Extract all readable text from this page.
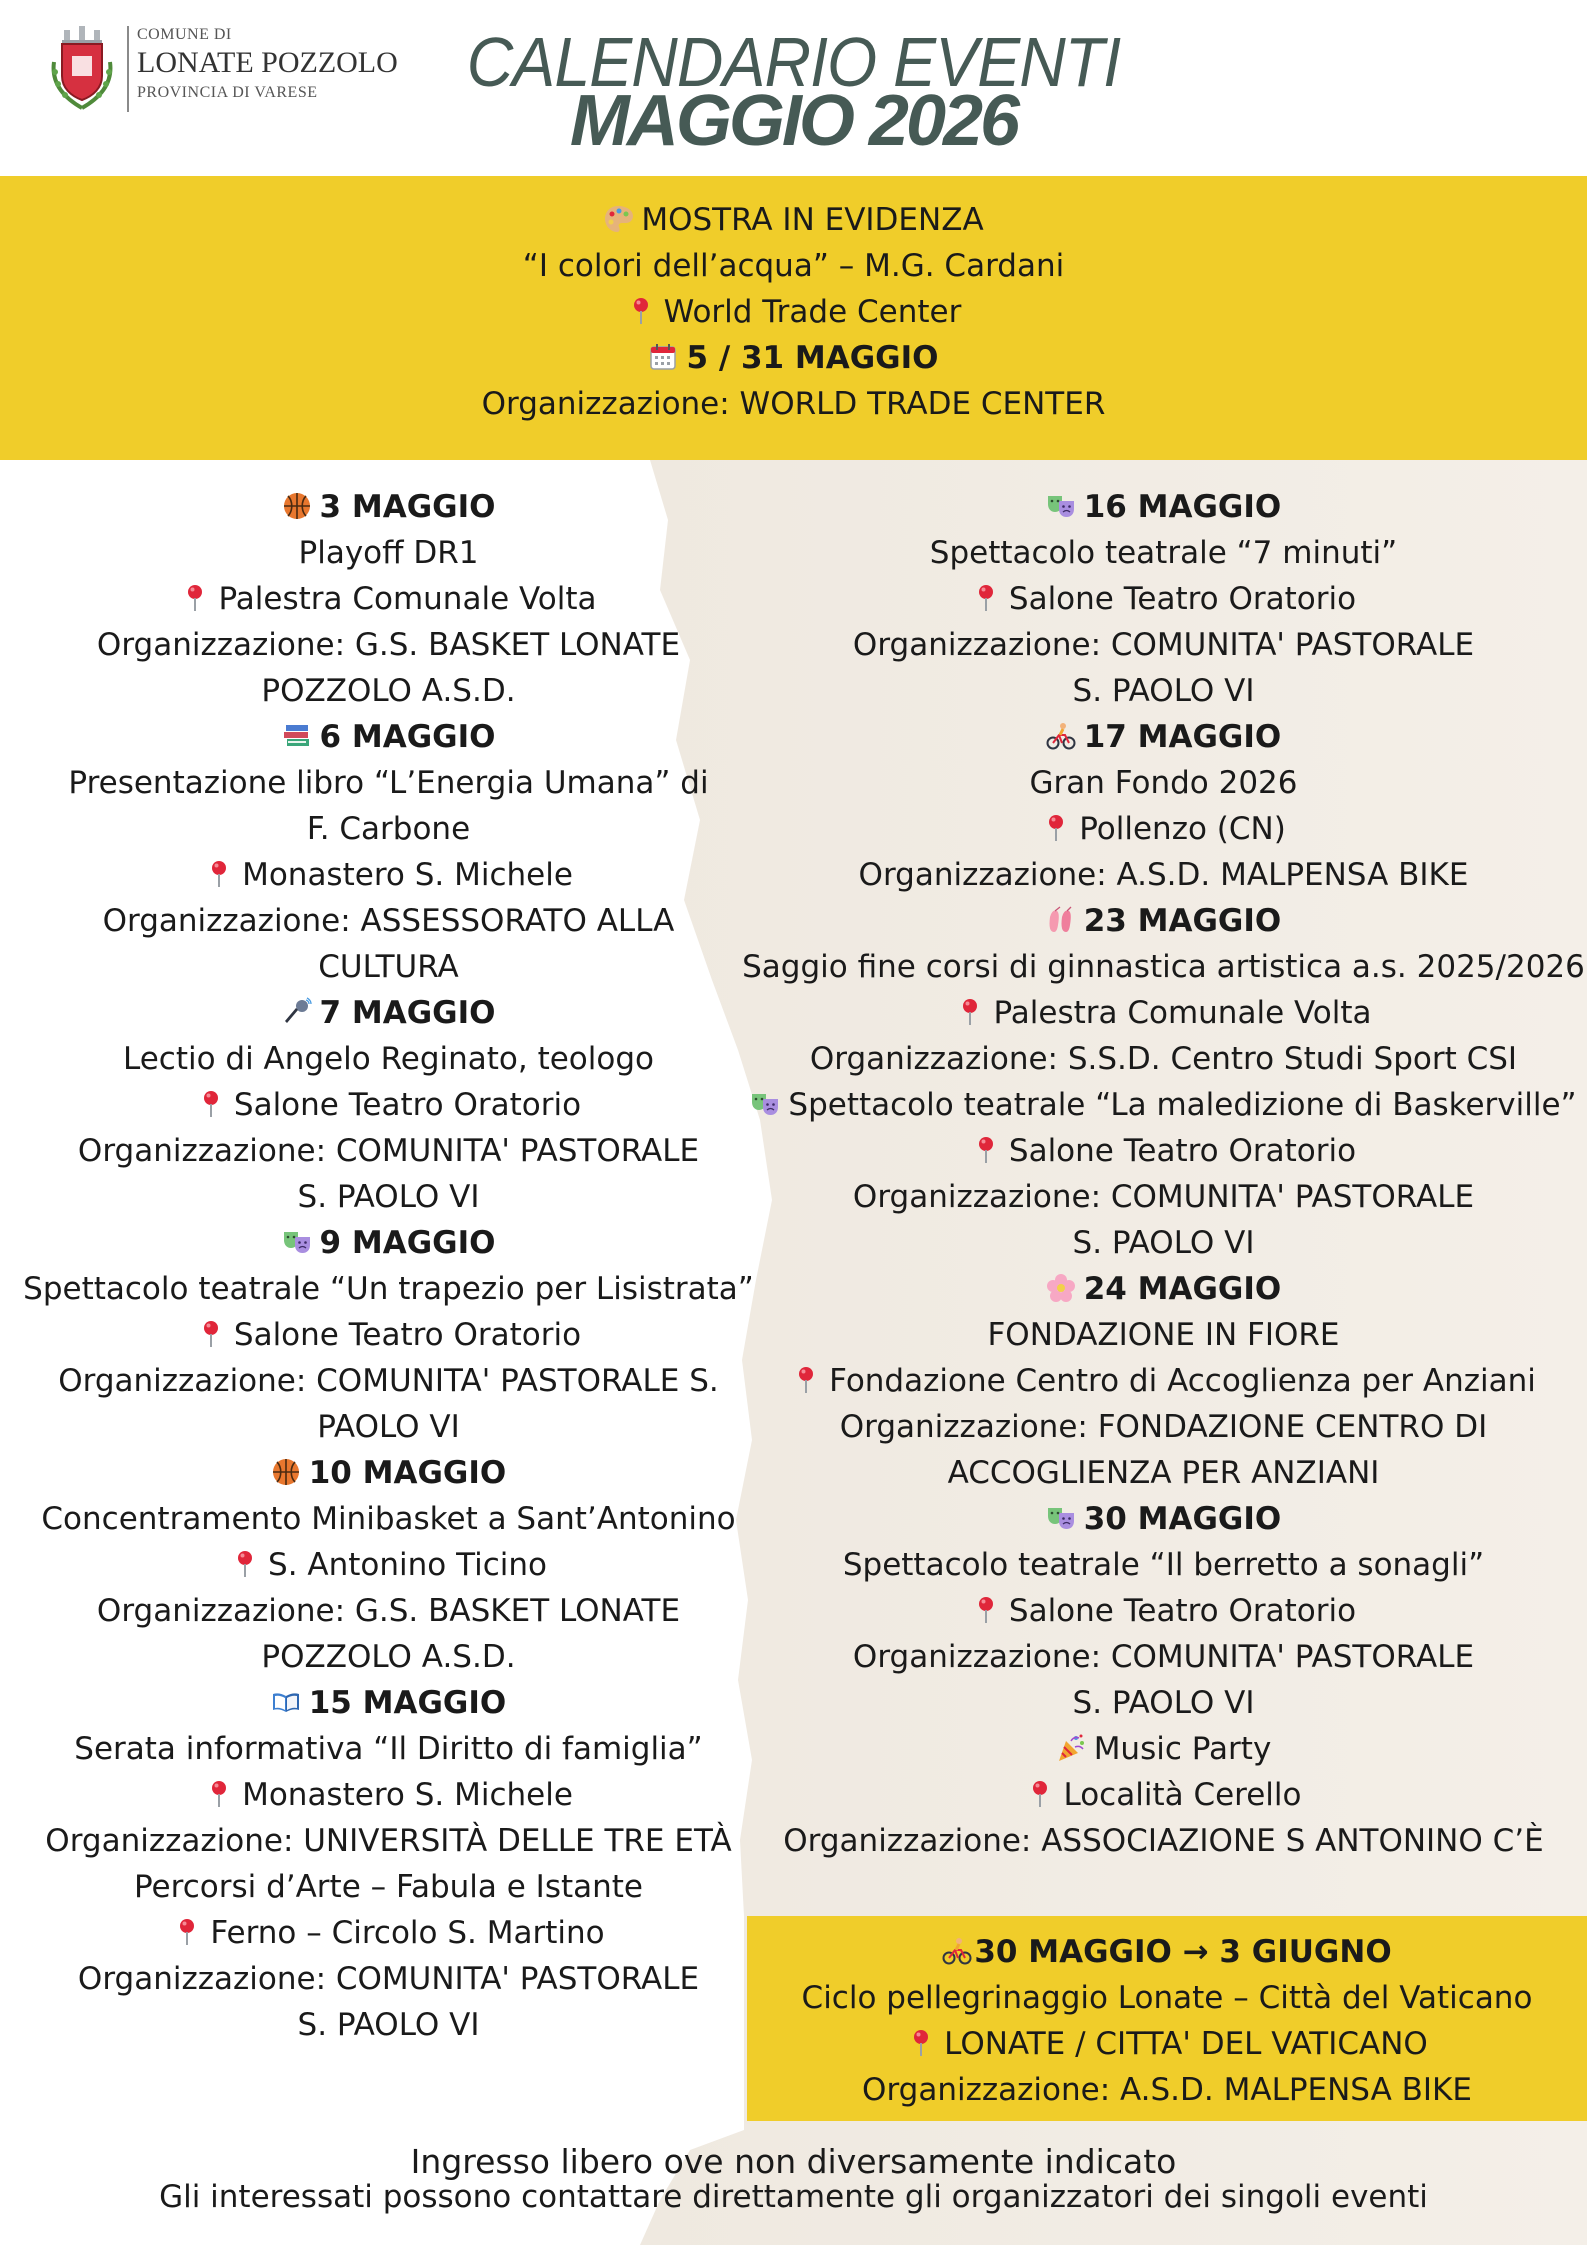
COMUNE DI
LONATE POZZOLO
PROVINCIA DI VARESE	CALENDARIO EVENTI
MAGGIO 2026
MOSTRA IN EVIDENZA
“I colori dell’acqua” – M.G. Cardani
World Trade Center
5 / 31 MAGGIO
Organizzazione: WORLD TRADE CENTER
3 MAGGIO
Playoff DR1
Palestra Comunale Volta
Organizzazione: G.S. BASKET LONATE
POZZOLO A.S.D.
6 MAGGIO
Presentazione libro “L’Energia Umana” di
F. Carbone
Monastero S. Michele
Organizzazione: ASSESSORATO ALLA
CULTURA
7 MAGGIO
Lectio di Angelo Reginato, teologo
Salone Teatro Oratorio
Organizzazione: COMUNITA' PASTORALE
S. PAOLO VI
9 MAGGIO
Spettacolo teatrale “Un trapezio per Lisistrata”
Salone Teatro Oratorio
Organizzazione: COMUNITA' PASTORALE S.
PAOLO VI
10 MAGGIO
Concentramento Minibasket a Sant’Antonino
S. Antonino Ticino
Organizzazione: G.S. BASKET LONATE
POZZOLO A.S.D.
15 MAGGIO
Serata informativa “Il Diritto di famiglia”
Monastero S. Michele
Organizzazione: UNIVERSITÀ DELLE TRE ETÀ
Percorsi d’Arte – Fabula e Istante
Ferno – Circolo S. Martino
Organizzazione: COMUNITA' PASTORALE
S. PAOLO VI
16 MAGGIO
Spettacolo teatrale “7 minuti”
Salone Teatro Oratorio
Organizzazione: COMUNITA' PASTORALE
S. PAOLO VI
17 MAGGIO
Gran Fondo 2026
Pollenzo (CN)
Organizzazione: A.S.D. MALPENSA BIKE
23 MAGGIO
Saggio fine corsi di ginnastica artistica a.s. 2025/2026
Palestra Comunale Volta
Organizzazione: S.S.D. Centro Studi Sport CSI
Spettacolo teatrale “La maledizione di Baskerville”
Salone Teatro Oratorio
Organizzazione: COMUNITA' PASTORALE
S. PAOLO VI
24 MAGGIO
FONDAZIONE IN FIORE
Fondazione Centro di Accoglienza per Anziani
Organizzazione: FONDAZIONE CENTRO DI
ACCOGLIENZA PER ANZIANI
30 MAGGIO
Spettacolo teatrale “Il berretto a sonagli”
Salone Teatro Oratorio
Organizzazione: COMUNITA' PASTORALE
S. PAOLO VI
Music Party
Località Cerello
Organizzazione: ASSOCIAZIONE S ANTONINO C’È
30 MAGGIO → 3 GIUGNO
Ciclo pellegrinaggio Lonate – Città del Vaticano
LONATE / CITTA' DEL VATICANO
Organizzazione: A.S.D. MALPENSA BIKE
Ingresso libero ove non diversamente indicato
Gli interessati possono contattare direttamente gli organizzatori dei singoli eventi
